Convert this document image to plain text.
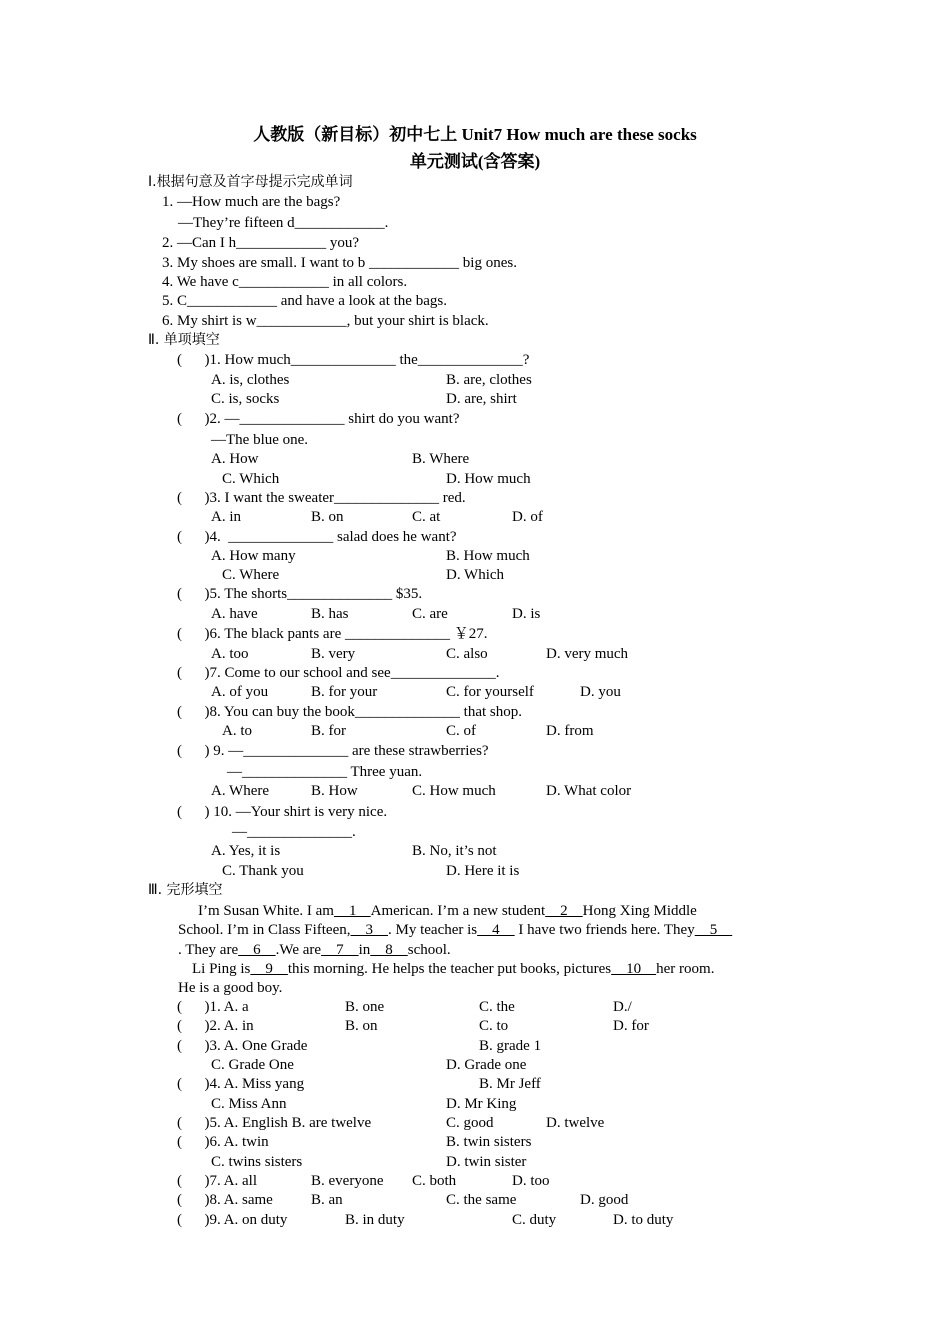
人教版（新目标）初中七上 Unit7 How much are these socks
单元测试(含答案)
Ⅰ.根据句意及首字母提示完成单词
1. —How much are the bags?
—They’re fifteen d____________.
2. —Can I h____________ you?
3. My shoes are small. I want to b ____________ big ones.
4. We have c____________ in all colors.
5. C____________ and have a look at the bags.
6. My shirt is w____________, but your shirt is black.
Ⅱ. 单项填空
(      )1. How much______________ the______________?
A. is, clothes	B. are, clothes
C. is, socks	D. are, shirt
(      )2. —______________ shirt do you want?
—The blue one.
A. How	B. Where
C. Which	D. How much
(      )3. I want the sweater______________ red.
A. in	B. on	C. at	D. of
(      )4.  ______________ salad does he want?
A. How many	B. How much
C. Where	D. Which
(      )5. The shorts______________ $35.
A. have	B. has	C. are	D. is
(      )6. The black pants are ______________ ￥27.
A. too	B. very	C. also	D. very much
(      )7. Come to our school and see______________.
A. of you	B. for your	C. for yourself	D. you
(      )8. You can buy the book______________ that shop.
A. to	B. for	C. of	D. from
(      ) 9. —______________ are these strawberries?
—______________ Three yuan.
A. Where	B. How	C. How much	D. What color
(      ) 10. —Your shirt is very nice.
—______________.
A. Yes, it is	B. No, it’s not
C. Thank you	D. Here it is
Ⅲ. 完形填空
I’m Susan White. I am    1    American. I’m a new student    2    Hong Xing Middle
School. I’m in Class Fifteen,    3    . My teacher is    4     I have two friends here. They    5
. They are    6    .We are    7    in    8    school.
Li Ping is    9    this morning. He helps the teacher put books, pictures    10    her room.
He is a good boy.
(      )1. A. a	B. one	C. the	D./
(      )2. A. in	B. on	C. to	D. for
(      )3. A. One Grade	B. grade 1
C. Grade One	D. Grade one
(      )4. A. Miss yang	B. Mr Jeff
C. Miss Ann	D. Mr King
(      )5. A. English B. are twelve	C. good	D. twelve
(      )6. A. twin	B. twin sisters
C. twins sisters	D. twin sister
(      )7. A. all	B. everyone C. both	D. too
(      )8. A. same	B. an	C. the same	D. good
(      )9. A. on duty	B. in duty	C. duty	D. to duty
